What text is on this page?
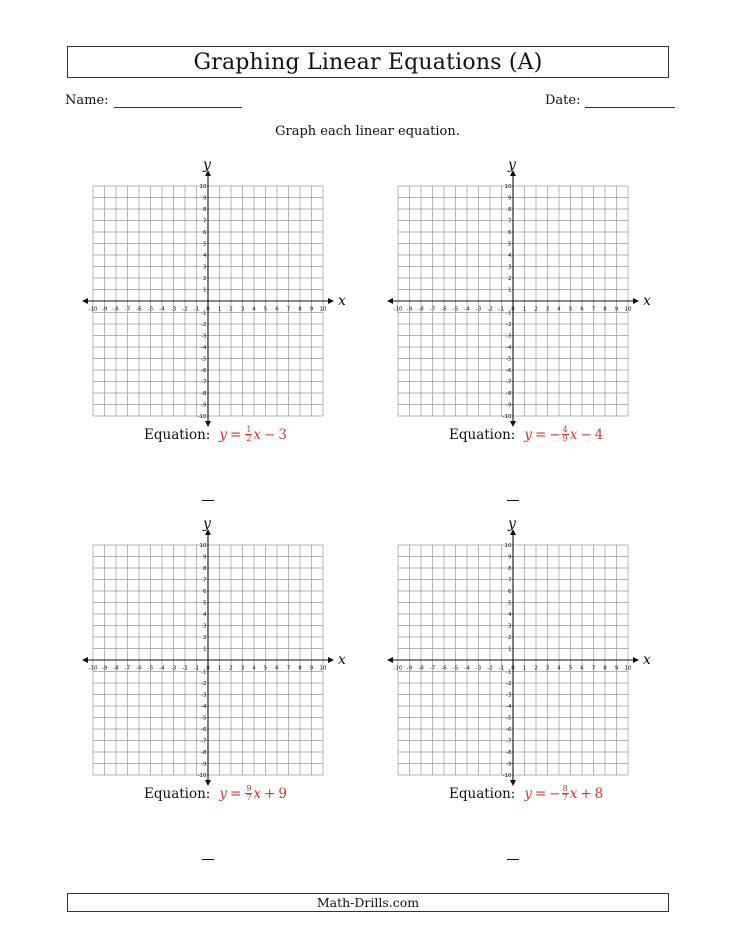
Graphing Linear Equations (A)
Name:	Date:
Graph each linear equation.
x
y
-10
-10
-9
-9
-8
-8
-7
-7
-6
-6
-5
-5
-4
-4
-3
-3
-2
-2
-1
-1
0 1
1
2
2
3
3
4
4
5
5
6
6
7
7
8
8
9
9
10
10
Equation: $y = \frac{1}{2}$ x − 3
x
y
-10
-10
-9
-9
-8
-8
-7
-7
-6
-6
-5
-5
-4
-4
-3
-3
-2
-2
-1
-1
0 1
1
2
2
3
3
4
4
5
5
6
6
7
7
8
8
9
9
10
10
Equation: y = − $\frac{4}{9}$ x − 4
x
y
-10
-10
-9
-9
-8
-8
-7
-7
-6
-6
-5
-5
-4
-4
-3
-3
-2
-2
-1
-1
0 1
1
2
2
3
3
4
4
5
5
6
6
7
7
8
8
9
9
10
10
Equation: $y = \frac{9}{7}$ x + 9
x
y
-10
-10
-9
-9
-8
-8
-7
-7
-6
-6
-5
-5
-4
-4
-3
-3
-2
-2
-1
-1
0 1
1
2
2
3
3
4
4
5
5
6
6
7
7
8
8
9
9
10
10
Equation: y = − $\frac{8}{7}$ x + 8
Math-Drills.com
